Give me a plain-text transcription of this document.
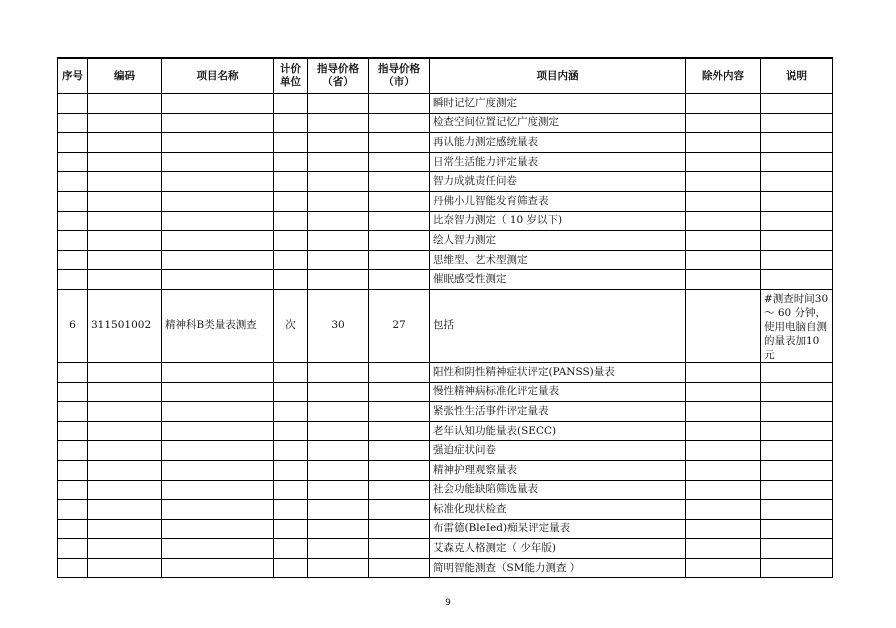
序号	编码	项目名称	计价单位	指导价格（省）	指导价格（市）	项目内涵	除外内容	说明
						瞬时记忆广度测定		
						检查空间位置记忆广度测定		
						再认能力测定感统量表		
						日常生活能力评定量表		
						智力成就责任问卷		
						丹佛小儿智能发育筛查表		
						比奈智力测定（ 10 岁以下)		
						绘人智力测定		
						思维型、艺术型测定		
						催眠感受性测定		
6	311501002	精神科B类量表测查	次	30	27	包括		#测查时间30 ～ 60 分钟，使用电脑自测的量表加10元
						阳性和阴性精神症状评定(PANSS)量表		
						慢性精神病标准化评定量表		
						紧张性生活事件评定量表		
						老年认知功能量表(SECC)		
						强迫症状问卷		
						精神护理观察量表		
						社会功能缺陷筛选量表		
						标准化现状检查		
						布雷德(BleIed)痴呆评定量表		
						艾森克人格测定（ 少年版)		
						简明智能测查（SM能力测查 ）		
9
